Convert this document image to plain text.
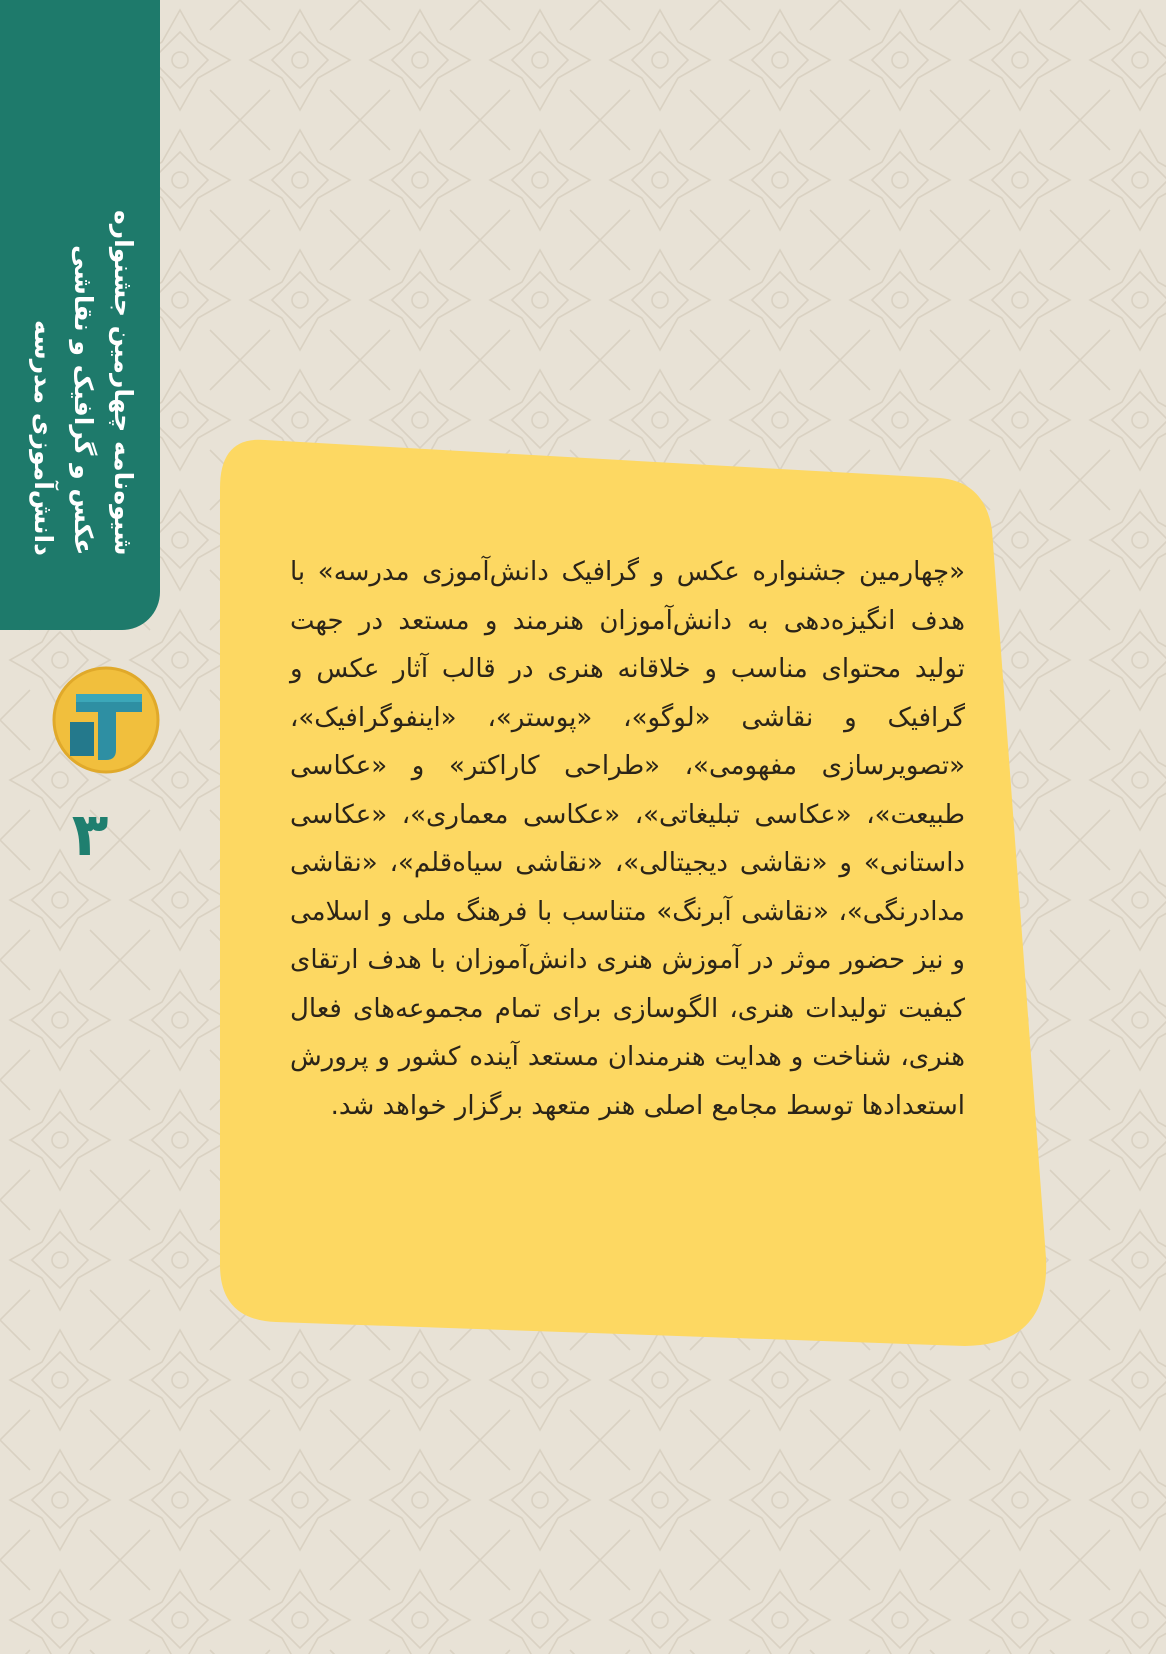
شیوه‌نامه چهارمین جشنواره
عکس و گرافیک و نقاشی
دانش‌آموزی مدرسه
۳
«چهارمین جشنواره عکس و گرافیک دانش‌آموزی مدرسه» با هدف انگیزه‌دهی به دانش‌آموزان هنرمند و مستعد در جهت تولید محتوای مناسب و خلاقانه هنری در قالب آثار عکس و گرافیک و نقاشی «لوگو»، «پوستر»، «اینفوگرافیک»، «تصویرسازی مفهومی»، «طراحی کاراکتر» و «عکاسی طبیعت»، «عکاسی تبلیغاتی»، «عکاسی معماری»، «عکاسی داستانی» و «نقاشی دیجیتالی»، «نقاشی سیاه‌قلم»، «نقاشی مدادرنگی»، «نقاشی آبرنگ» متناسب با فرهنگ ملی و اسلامی و نیز حضور موثر در آموزش هنری دانش‌آموزان با هدف ارتقای کیفیت تولیدات هنری، الگوسازی برای تمام مجموعه‌های فعال هنری، شناخت و هدایت هنرمندان مستعد آینده کشور و پرورش استعدادها توسط مجامع اصلی هنر متعهد برگزار خواهد شد.
